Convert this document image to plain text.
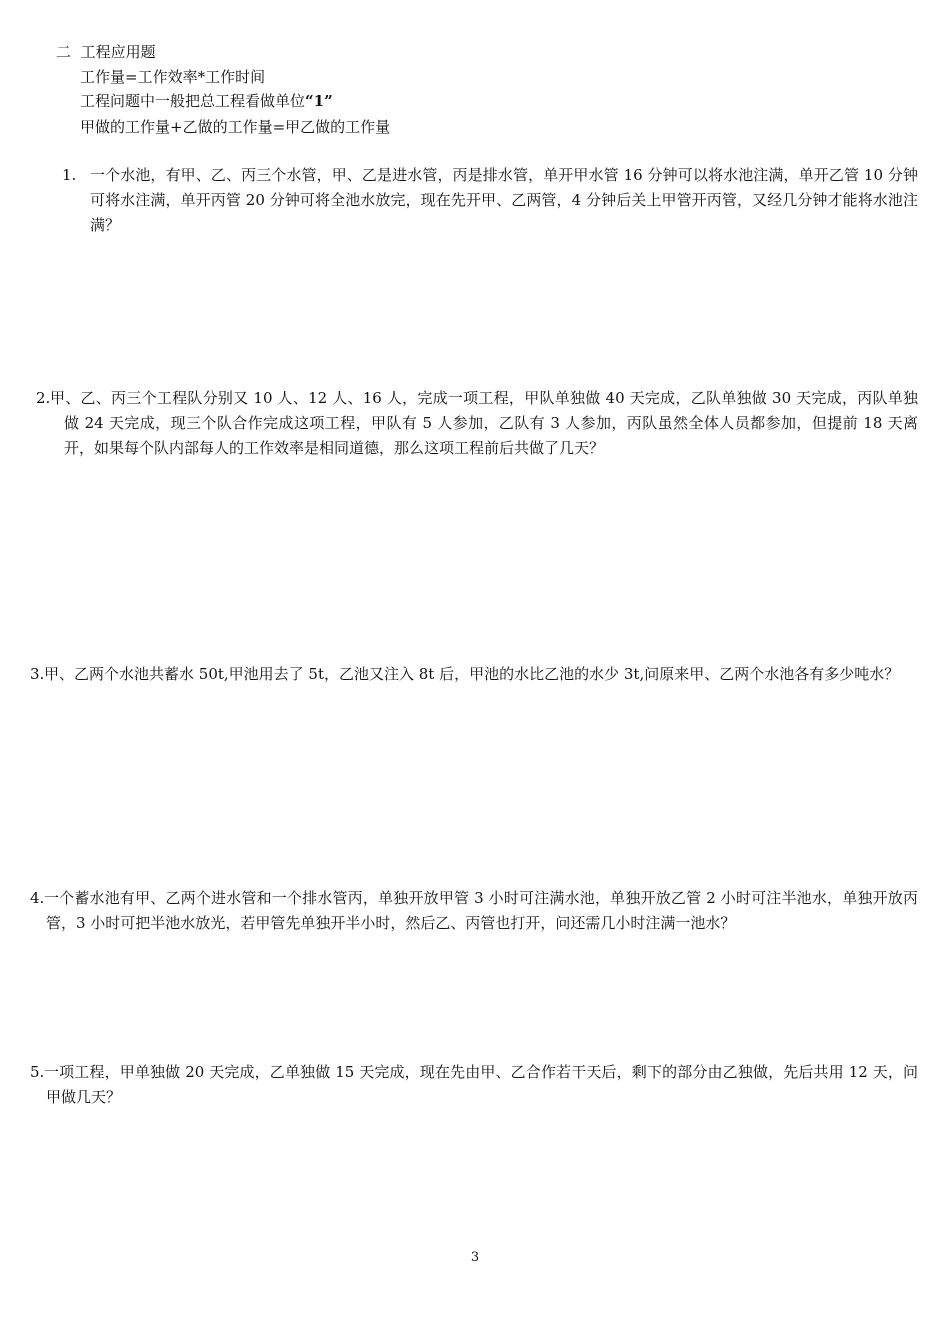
二 工程应用题
工作量=工作效率*工作时间
工程问题中一般把总工程看做单位“1”
甲做的工作量+乙做的工作量=甲乙做的工作量
1. 一个水池，有甲、乙、丙三个水管，甲、乙是进水管，丙是排水管，单开甲水管 16 分钟可以将水池注满，单开乙管 10 分钟可将水注满，单开丙管 20 分钟可将全池水放完，现在先开甲、乙两管，4 分钟后关上甲管开丙管，又经几分钟才能将水池注满？
2. 甲、乙、丙三个工程队分别又 10 人、12 人、16 人，完成一项工程，甲队单独做 40 天完成，乙队单独做 30 天完成，丙队单独做 24 天完成，现三个队合作完成这项工程，甲队有 5 人参加，乙队有 3 人参加，丙队虽然全体人员都参加，但提前 18 天离开，如果每个队内部每人的工作效率是相同道德，那么这项工程前后共做了几天？
3. 甲、乙两个水池共蓄水 50t,甲池用去了 5t，乙池又注入 8t 后，甲池的水比乙池的水少 3t,问原来甲、乙两个水池各有多少吨水？
4. 一个蓄水池有甲、乙两个进水管和一个排水管丙，单独开放甲管 3 小时可注满水池，单独开放乙管 2 小时可注半池水，单独开放丙管，3 小时可把半池水放光，若甲管先单独开半小时，然后乙、丙管也打开，问还需几小时注满一池水？
5. 一项工程，甲单独做 20 天完成，乙单独做 15 天完成，现在先由甲、乙合作若干天后，剩下的部分由乙独做，先后共用 12 天，问甲做几天？
3
